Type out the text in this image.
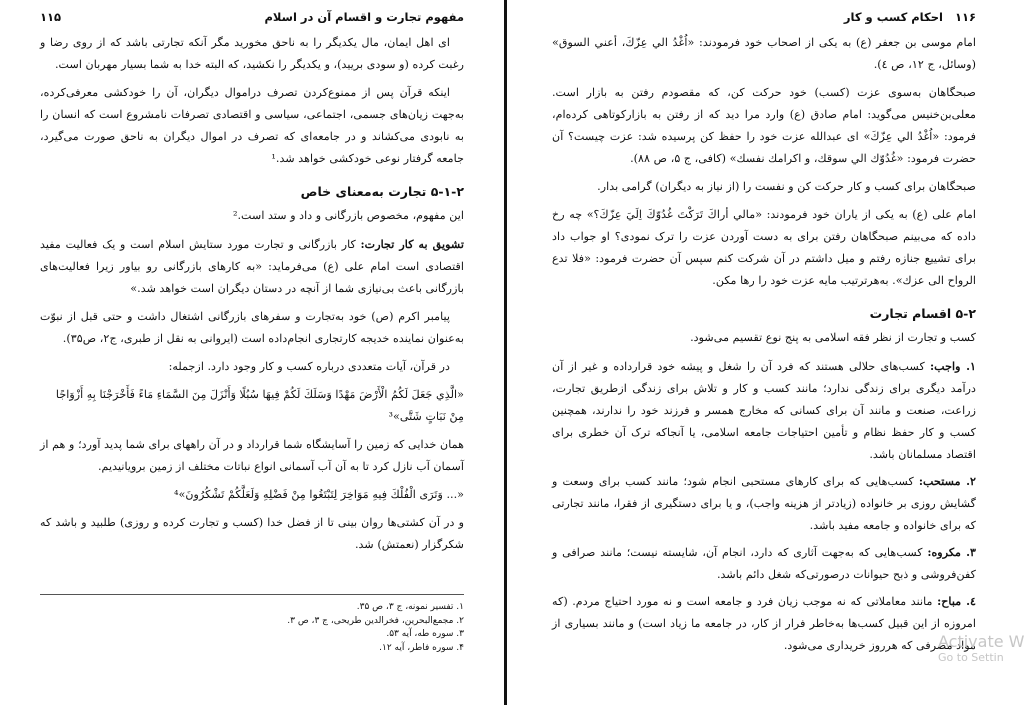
مفهوم تجارت و اقسام آن در اسلام
۱۱۵

ای اهل ایمان، مال یکدیگر را به ناحق مخورید مگر آنکه تجارتی باشد که از روی رضا و رغبت کرده (و سودی بریید)، و یکدیگر را نکشید، که البته خدا به شما بسیار مهربان است.

اینکه قرآن پس از ممنوع‌کردن تصرف دراموال دیگران، آن را خودکشی معرفی‌کرده، به‌جهت زیان‌های جسمی، اجتماعی، سیاسی و اقتصادی تصرفات نامشروع است که انسان را به نابودی می‌کشاند و در جامعه‌ای که تصرف در اموال دیگران به ناحق صورت می‌گیرد، جامعه گرفتار نوعی خودکشی خواهد شد.¹

۵-۱-۲ تجارت به‌معنای خاص

این مفهوم، مخصوص بازرگانی و داد و ستد است.²

تشویق به کار تجارت: کار بازرگانی و تجارت مورد ستایش اسلام است و یک فعالیت مفید اقتصادی است امام علی (ع) می‌فرماید: «به کارهای بازرگانی رو بیاور زیرا فعالیت‌های بازرگانی باعث بی‌نیازی شما از آنچه در دستان دیگران است خواهد شد.»

پیامبر اکرم (ص) خود به‌تجارت و سفرهای بازرگانی اشتغال داشت و حتی قبل از نبوّت به‌عنوان نماینده خدیجه کارتجاری انجام‌داده است (ایروانی به نقل از طبری، ج۲، ص۳۵).

در قرآن، آیات متعددی درباره کسب و کار وجود دارد. ازجمله:

«الَّذِي جَعَلَ لَكُمُ الْأَرْضَ مَهْدًا وَسَلَكَ لَكُمْ فِيهَا سُبُلًا وَأَنْزَلَ مِنَ السَّمَاءِ مَاءً فَأَخْرَجْنَا بِهِ أَزْوَاجًا مِنْ نَبَاتٍ شَتَّى»³

همان خدایی که زمین را آسایشگاه شما قرارداد و در آن راههای برای شما پدید آورد؛ و هم از آسمان آب نازل کرد تا به آن آب آسمانی انواع نباتات مختلف از زمین برویانیدیم.

«... وَتَرَى الْفُلْكَ فِيهِ مَوَاخِرَ لِتَبْتَغُوا مِنْ فَضْلِهِ وَلَعَلَّكُمْ تَشْكُرُونَ»⁴

و در آن کشتی‌ها روان بینی تا از فضل خدا (کسب و تجارت کرده و روزی) طلبید و باشد که شکرگزار (نعمتش) شد.

۱. تفسیر نمونه، ج ۳، ص ۳۵.
۲. مجمع‌البحرین، فخرالدین طریحی، ج ۳، ص ۳.
۳. سوره طه، آیه ۵۳.
۴. سوره فاطر، آیه ۱۲.
۱۱۶   احکام کسب و کار

امام موسی بن جعفر (ع) به یکی از اصحاب خود فرمودند: «اُغْدُ الي عِزّكَ، أعني السوق» (وسائل، ج ۱۲، ص ٤).

صبحگاهان به‌سوی عزت (کسب) خود حرکت کن، که مقصودم رفتن به بازار است. معلی‌بن‌خنیس می‌گوید: امام صادق (ع) وارد مرا دید که از رفتن به بازارکوتاهی کرده‌ام، فرمود: «اُغْدُ الي عِزّكَ» ای عبدالله عزت خود را حفظ کن پرسیده شد: عزت چیست؟ آن حضرت فرمود: «غُدُوّك الي سوقك، و اكرامك نفسك» (کافی، ج ۵، ص ۸۸).

صبحگاهان برای کسب و کار حرکت کن و نفست را (از نیاز به دیگران) گرامی بدار.

امام علی (ع) به یکی از یاران خود فرمودند: «مالي أراكَ تَرَكْتَ غُدُوّكَ اِلَيَ عِزّكَ؟» چه رخ داده که می‌بینم صبحگاهان رفتن برای به دست آوردن عزت را ترک نمودی؟ او جواب داد برای تشییع جنازه رفتم و میل داشتم در آن شرکت کنم سپس آن حضرت فرمود: «فلا تدع الرواح الی عزك». به‌هرترتیب مایه عزت خود را رها مکن.

۵-۲ اقسام تجارت

کسب و تجارت از نظر فقه اسلامی به پنج نوع تقسیم می‌شود.

۱. واجب: کسب‌های حلالی هستند که فرد آن را شغل و پیشه خود قرارداده و غیر از آن درآمد دیگری برای زندگی ندارد؛ مانند کسب و کار و تلاش برای زندگی ازطریق تجارت، زراعت، صنعت و مانند آن برای کسانی که مخارج همسر و فرزند خود را ندارند، همچنین کسب و کار حفظ نظام و تأمین احتیاجات جامعه اسلامی، یا آنجاکه ترک آن خطری برای اقتصاد مسلمانان باشد.
۲. مستحب: کسب‌هایی که برای کارهای مستحبی انجام شود؛ مانند کسب برای وسعت و گشایش روزی بر خانواده (زیادتر از هزینه واجب)، و یا برای دستگیری از فقرا، مانند تجارتی که برای خانواده و جامعه مفید باشد.
۳. مکروه: کسب‌هایی که به‌جهت آثاری که دارد، انجام آن، شایسته نیست؛ مانند صرافی و کفن‌فروشی و ذبح حیوانات درصورتی‌که شغل دائم باشد.
٤. مباح: مانند معاملاتی که نه موجب زیان فرد و جامعه است و نه مورد احتیاج مردم. (که امروزه از این قبیل کسب‌ها به‌خاطر فرار از کار، در جامعه ما زیاد است) و مانند بسیاری از مواد مصرفی که هرروز خریداری می‌شود.
Activate W
Go to Settin
